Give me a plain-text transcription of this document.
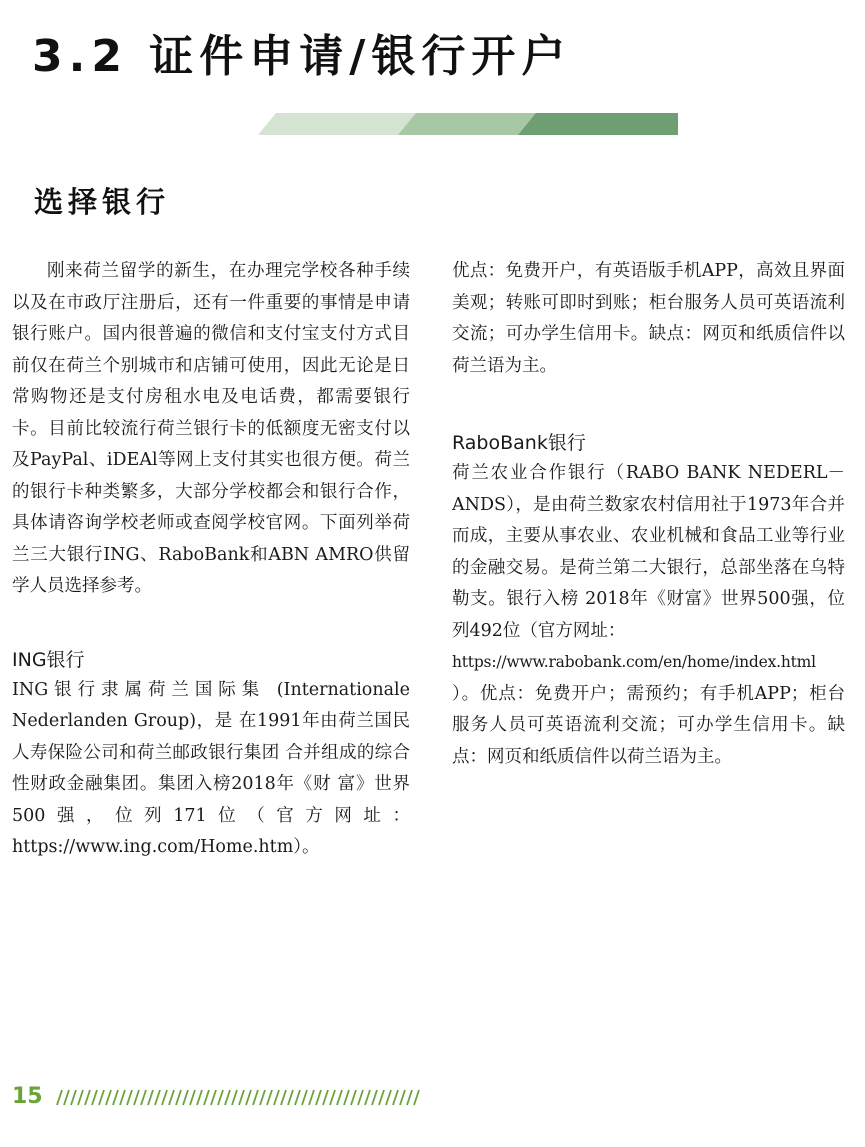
3.2 证件申请/银行开户
选择银行

刚来荷兰留学的新生，在办理完学校各种手续以及在市政厅注册后，还有一件重要的事情是申请银行账户。国内很普遍的微信和支付宝支付方式目前仅在荷兰个别城市和店铺可使用，因此无论是日常购物还是支付房租水电及电话费，都需要银行卡。目前比较流行荷兰银行卡的低额度无密支付以及PayPal、iDEAl等网上支付其实也很方便。荷兰的银行卡种类繁多，大部分学校都会和银行合作，具体请咨询学校老师或查阅学校官网。下面列举荷兰三大银行ING、RaboBank和ABN AMRO供留学人员选择参考。

ING银行

ING银行隶属荷兰国际集 (Internationale Nederlanden Group)，是 在1991年由荷兰国民人寿保险公司和荷兰邮政银行集团 合并组成的综合性财政金融集团。集团入榜2018年《财 富》世界500强，位列171位（官方网址：https://www.ing.com/Home.htm）。

优点：免费开户，有英语版手机APP，高效且界面美观；转账可即时到账；柜台服务人员可英语流利交流；可办学生信用卡。缺点：网页和纸质信件以荷兰语为主。

RaboBank银行

荷兰农业合作银行（RABO BANK NEDERL－ANDS），是由荷兰数家农村信用社于1973年合并而成，主要从事农业、农业机械和食品工业等行业的金融交易。是荷兰第二大银行，总部坐落在乌特勒支。银行入榜 2018年《财富》世界500强，位列492位（官方网址：
https://www.rabobank.com/en/home/index.html
）。优点：免费开户；需预约；有手机APP；柜台服务人员可英语流利交流；可办学生信用卡。缺点：网页和纸质信件以荷兰语为主。

15
